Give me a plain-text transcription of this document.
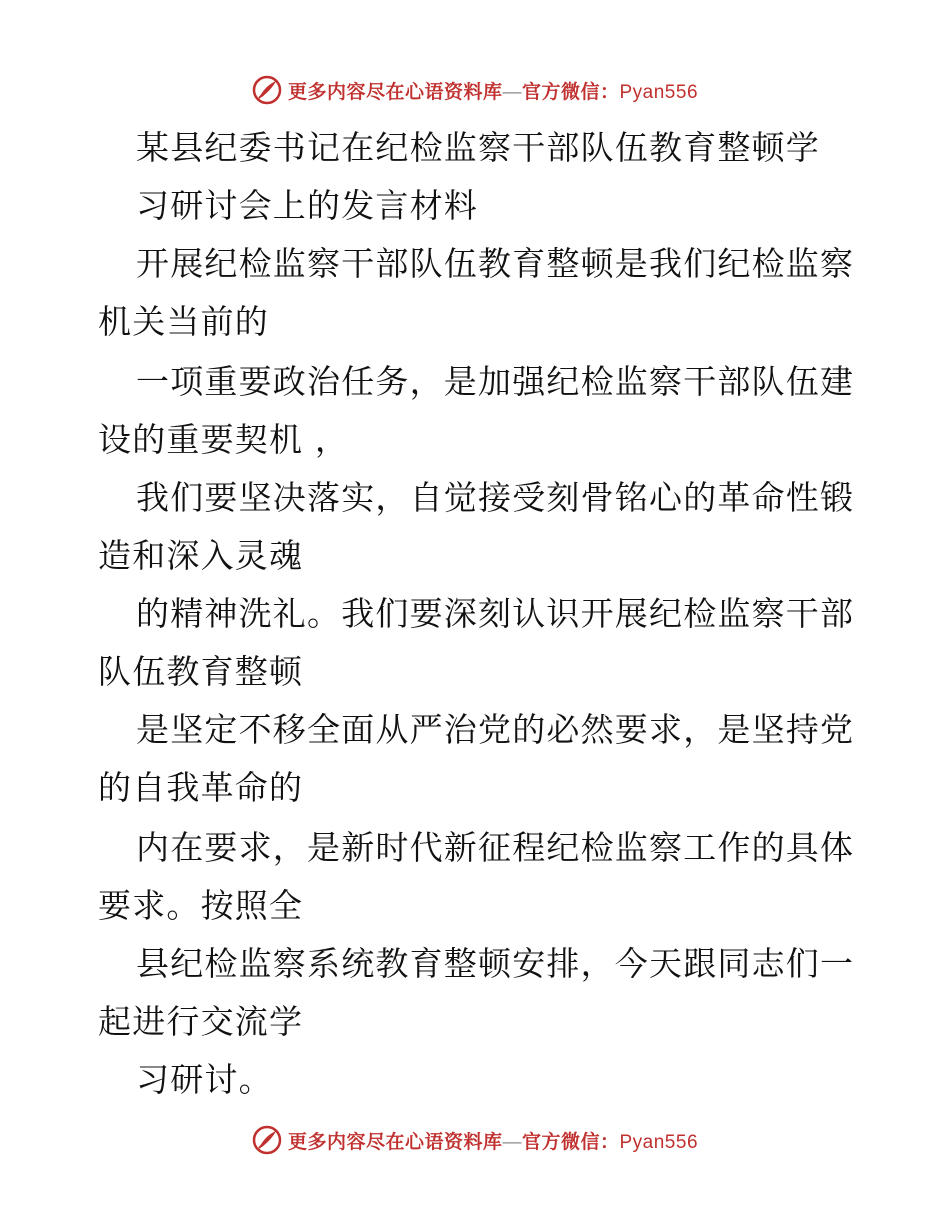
更多内容尽在心语资料库—官方微信：Pyan556
某县纪委书记在纪检监察干部队伍教育整顿学
习研讨会上的发言材料
开展纪检监察干部队伍教育整顿是我们纪检监察
机关当前的
一项重要政治任务，是加强纪检监察干部队伍建
设的重要契机 ，
我们要坚决落实，自觉接受刻骨铭心的革命性锻
造和深入灵魂
的精神洗礼。我们要深刻认识开展纪检监察干部
队伍教育整顿
是坚定不移全面从严治党的必然要求，是坚持党
的自我革命的
内在要求，是新时代新征程纪检监察工作的具体
要求。按照全
县纪检监察系统教育整顿安排，今天跟同志们一
起进行交流学
习研讨。
更多内容尽在心语资料库—官方微信：Pyan556
